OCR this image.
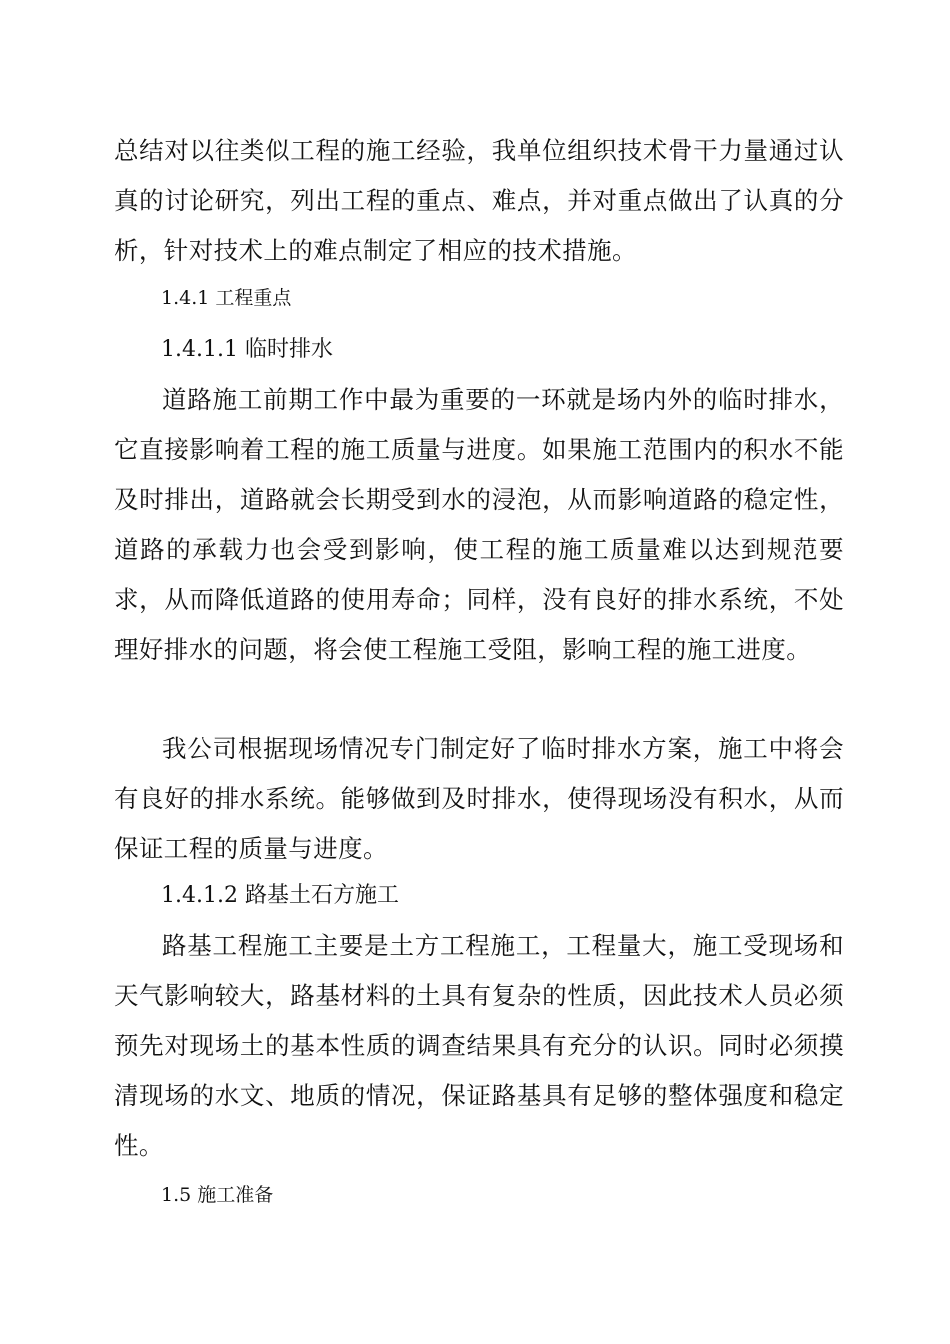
总结对以往类似工程的施工经验，我单位组织技术骨干力量通过认真的讨论研究，列出工程的重点、难点，并对重点做出了认真的分析，针对技术上的难点制定了相应的技术措施。

1.4.1 工程重点

1.4.1.1 临时排水

道路施工前期工作中最为重要的一环就是场内外的临时排水，它直接影响着工程的施工质量与进度。如果施工范围内的积水不能及时排出，道路就会长期受到水的浸泡，从而影响道路的稳定性，道路的承载力也会受到影响，使工程的施工质量难以达到规范要求，从而降低道路的使用寿命；同样，没有良好的排水系统，不处理好排水的问题，将会使工程施工受阻，影响工程的施工进度。

我公司根据现场情况专门制定好了临时排水方案，施工中将会有良好的排水系统。能够做到及时排水，使得现场没有积水，从而保证工程的质量与进度。

1.4.1.2 路基土石方施工

路基工程施工主要是土方工程施工，工程量大，施工受现场和天气影响较大，路基材料的土具有复杂的性质，因此技术人员必须预先对现场土的基本性质的调查结果具有充分的认识。同时必须摸清现场的水文、地质的情况，保证路基具有足够的整体强度和稳定性。

1.5 施工准备
